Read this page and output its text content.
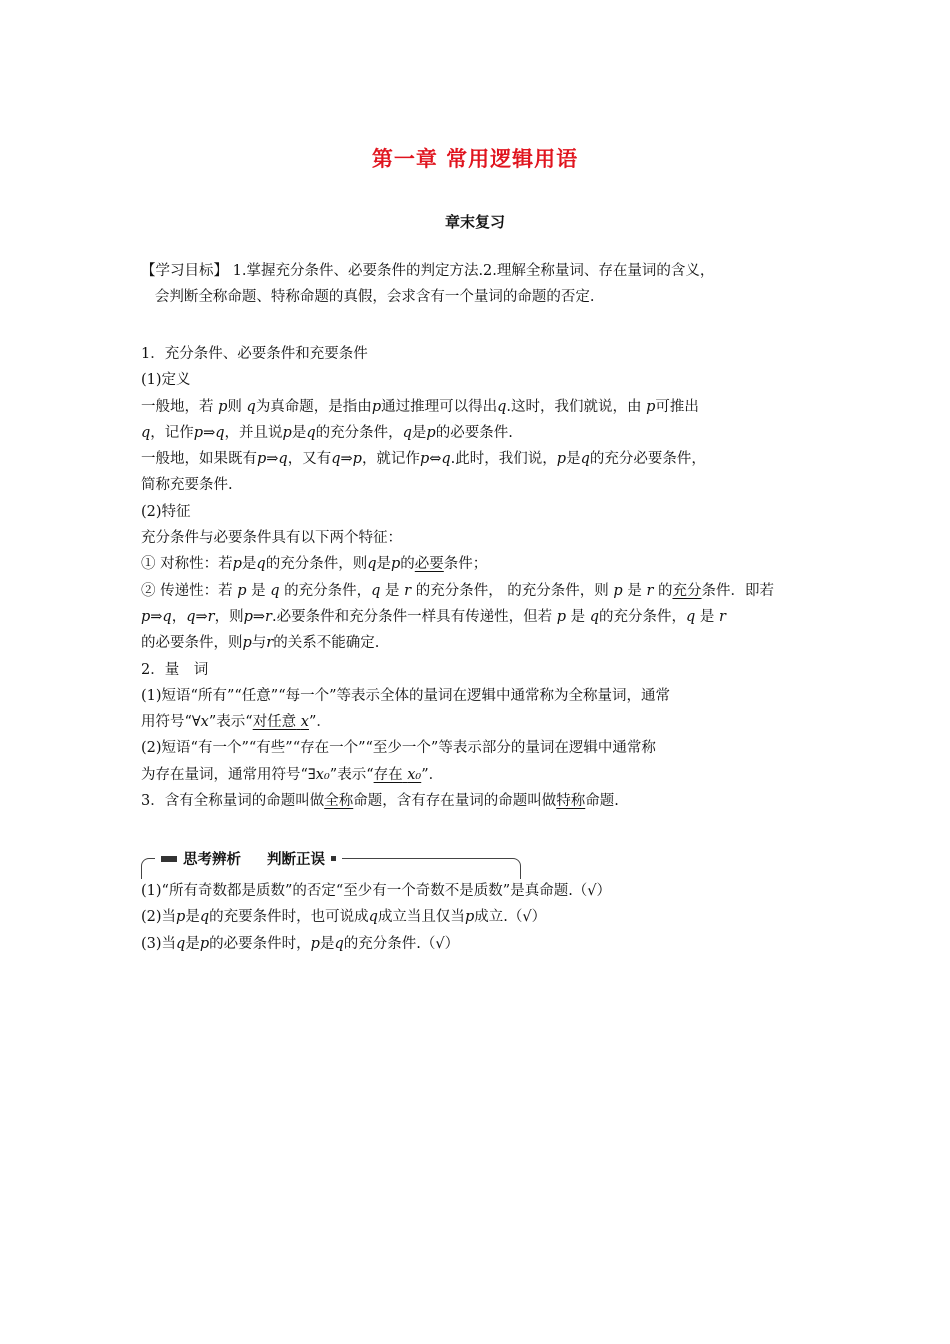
第一章 常用逻辑用语
章末复习
【学习目标】 1.掌握充分条件、必要条件的判定方法.2.理解全称量词、存在量词的含义，
会判断全称命题、特称命题的真假，会求含有一个量词的命题的否定.
1．充分条件、必要条件和充要条件
(1)定义
一般地，若 p则 q为真命题，是指由p通过推理可以得出q.这时，我们就说，由 p可推出
q，记作p⇒q，并且说p是q的充分条件，q是p的必要条件.
一般地，如果既有p⇒q，又有q⇒p，就记作p⇔q.此时，我们说，p是q的充分必要条件，
简称充要条件.
(2)特征
充分条件与必要条件具有以下两个特征：
① 对称性：若p是q的充分条件，则q是p的必要条件；
② 传递性：若 p 是 q 的充分条件，q 是 r 的充分条件， 的充分条件，则 p 是 r 的充分条件．即若
p⇒q，q⇒r，则p⇒r.必要条件和充分条件一样具有传递性，但若 p 是 q的充分条件，q 是 r
的必要条件，则p与r的关系不能确定.
2．量　词
(1)短语“所有”“任意”“每一个”等表示全体的量词在逻辑中通常称为全称量词，通常
用符号“∀x”表示“对任意 x”．
(2)短语“有一个”“有些”“存在一个”“至少一个”等表示部分的量词在逻辑中通常称
为存在量词，通常用符号“∃x₀”表示“存在 x₀”．
3．含有全称量词的命题叫做全称命题，含有存在量词的命题叫做特称命题.
思考辨析 判断正误
(1)“所有奇数都是质数”的否定“至少有一个奇数不是质数”是真命题.（√）
(2)当p是q的充要条件时，也可说成q成立当且仅当p成立.（√）
(3)当q是p的必要条件时，p是q的充分条件.（√）
